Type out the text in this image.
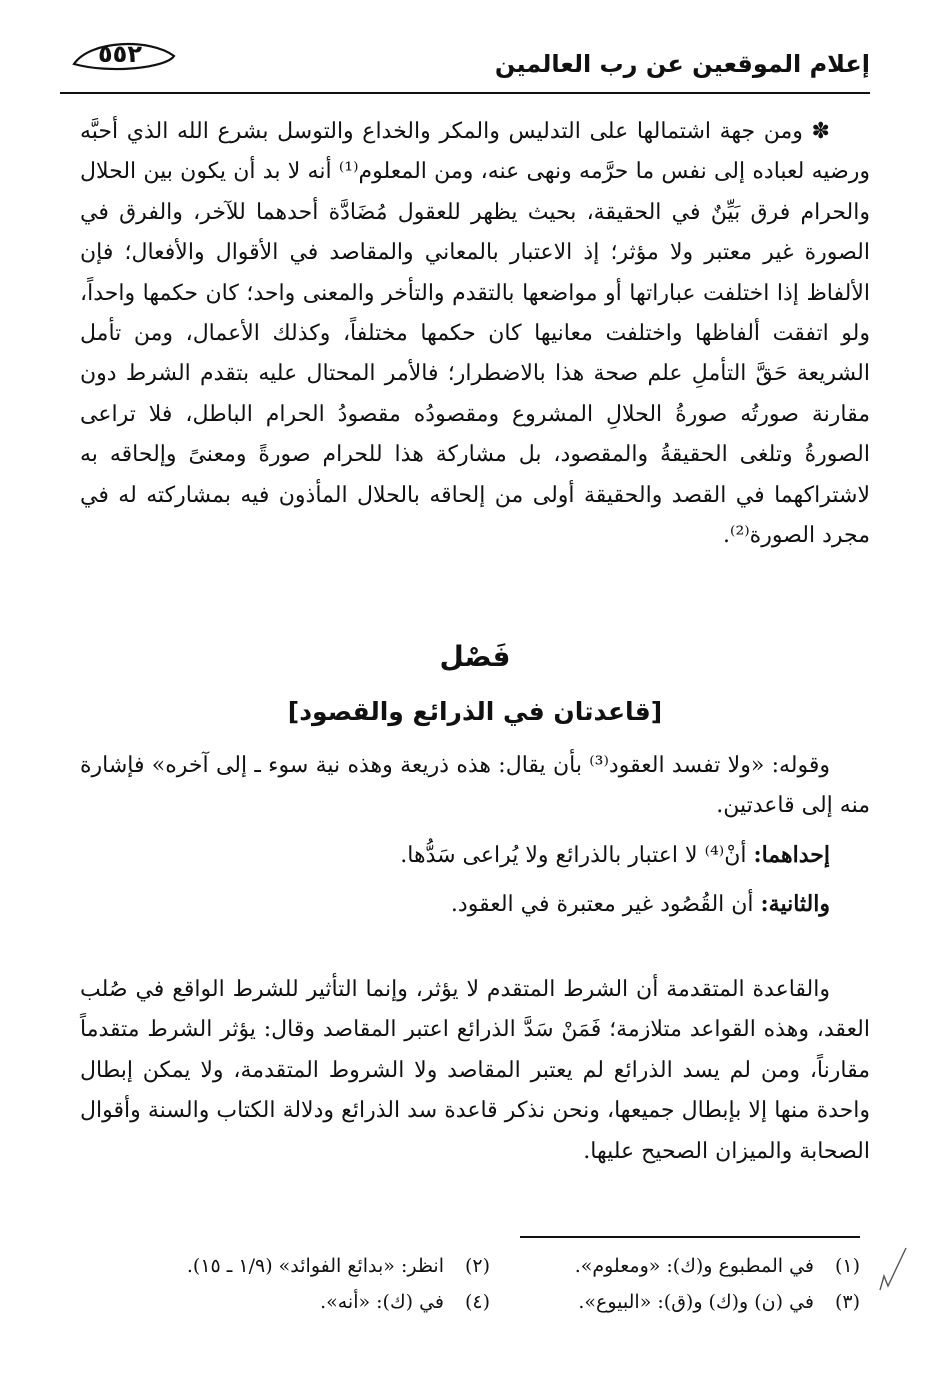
إعلام الموقعين عن رب العالمين
٥٥٢

✽ ومن جهة اشتمالها على التدليس والمكر والخداع والتوسل بشرع الله الذي أحبَّه ورضيه لعباده إلى نفس ما حرَّمه ونهى عنه، ومن المعلوم⁽¹⁾ أنه لا بد أن يكون بين الحلال والحرام فرق بَيِّنٌ في الحقيقة، بحيث يظهر للعقول مُضَادَّة أحدهما للآخر، والفرق في الصورة غير معتبر ولا مؤثر؛ إذ الاعتبار بالمعاني والمقاصد في الأقوال والأفعال؛ فإن الألفاظ إذا اختلفت عباراتها أو مواضعها بالتقدم والتأخر والمعنى واحد؛ كان حكمها واحداً، ولو اتفقت ألفاظها واختلفت معانيها كان حكمها مختلفاً، وكذلك الأعمال، ومن تأمل الشريعة حَقَّ التأملِ علم صحة هذا بالاضطرار؛ فالأمر المحتال عليه بتقدم الشرط دون مقارنة صورتُه صورةُ الحلالِ المشروع ومقصودُه مقصودُ الحرام الباطل، فلا تراعى الصورةُ وتلغى الحقيقةُ والمقصود، بل مشاركة هذا للحرام صورةً ومعنىً وإلحاقه به لاشتراكهما في القصد والحقيقة أولى من إلحاقه بالحلال المأذون فيه بمشاركته له في مجرد الصورة⁽²⁾.

فَصْل
[قاعدتان في الذرائع والقصود]

وقوله: «ولا تفسد العقود⁽³⁾ بأن يقال: هذه ذريعة وهذه نية سوء ـ إلى آخره» فإشارة منه إلى قاعدتين.

إحداهما: أنْ⁽⁴⁾ لا اعتبار بالذرائع ولا يُراعى سَدُّها.

والثانية: أن القُصُود غير معتبرة في العقود.

والقاعدة المتقدمة أن الشرط المتقدم لا يؤثر، وإنما التأثير للشرط الواقع في صُلب العقد، وهذه القواعد متلازمة؛ فَمَنْ سَدَّ الذرائع اعتبر المقاصد وقال: يؤثر الشرط متقدماً مقارناً، ومن لم يسد الذرائع لم يعتبر المقاصد ولا الشروط المتقدمة، ولا يمكن إبطال واحدة منها إلا بإبطال جميعها، ونحن نذكر قاعدة سد الذرائع ودلالة الكتاب والسنة وأقوال الصحابة والميزان الصحيح عليها.

(١)في المطبوع و(ك): «ومعلوم».
(٢)انظر: «بدائع الفوائد» (١/٩ ـ ١٥).
(٣)في (ن) و(ك) و(ق): «البيوع».
(٤)في (ك): «أنه».
